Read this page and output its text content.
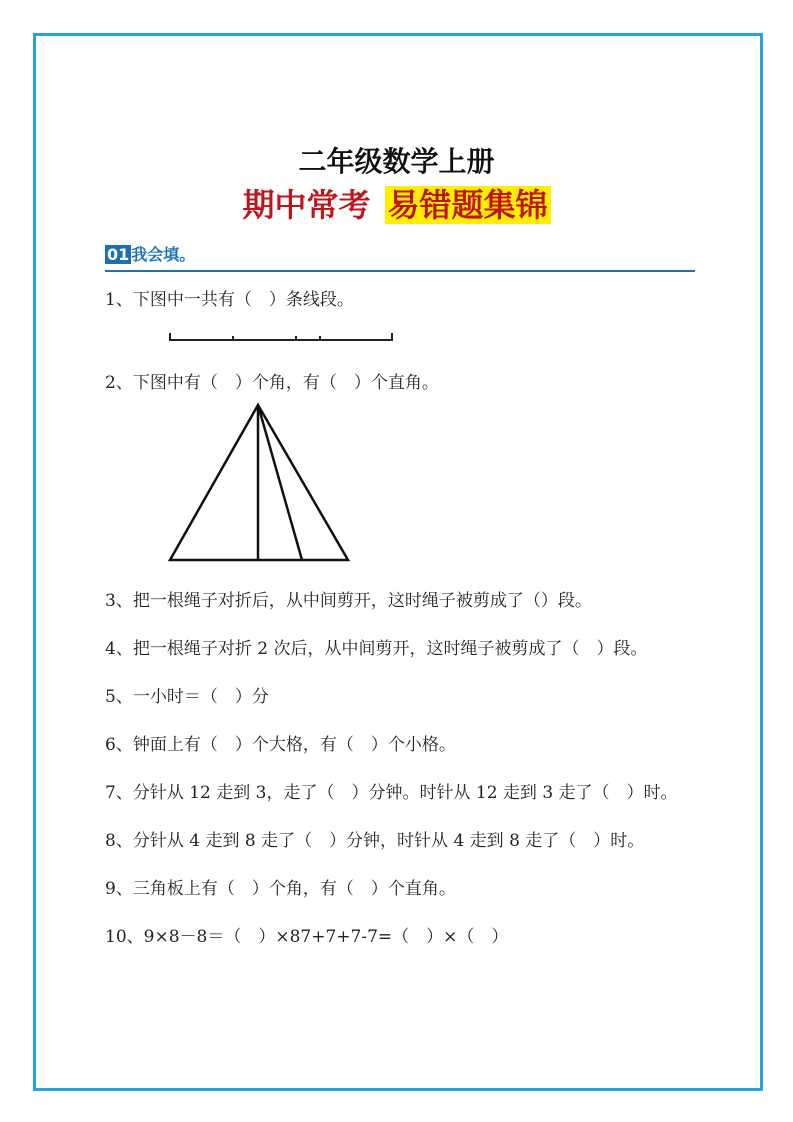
二年级数学上册
期中常考 易错题集锦
01 我会填。
1、下图中一共有（　）条线段。
2、下图中有（　）个角，有（　）个直角。
3、把一根绳子对折后，从中间剪开，这时绳子被剪成了（）段。
4、把一根绳子对折 2 次后，从中间剪开，这时绳子被剪成了（　）段。
5、一小时＝（　）分
6、钟面上有（　）个大格，有（　）个小格。
7、分针从 12 走到 3，走了（　）分钟。时针从 12 走到 3 走了（　）时。
8、分针从 4 走到 8 走了（　）分钟，时针从 4 走到 8 走了（　）时。
9、三角板上有（　）个角，有（　）个直角。
10、9×8－8＝（　）×87+7+7-7=（　）×（　）
